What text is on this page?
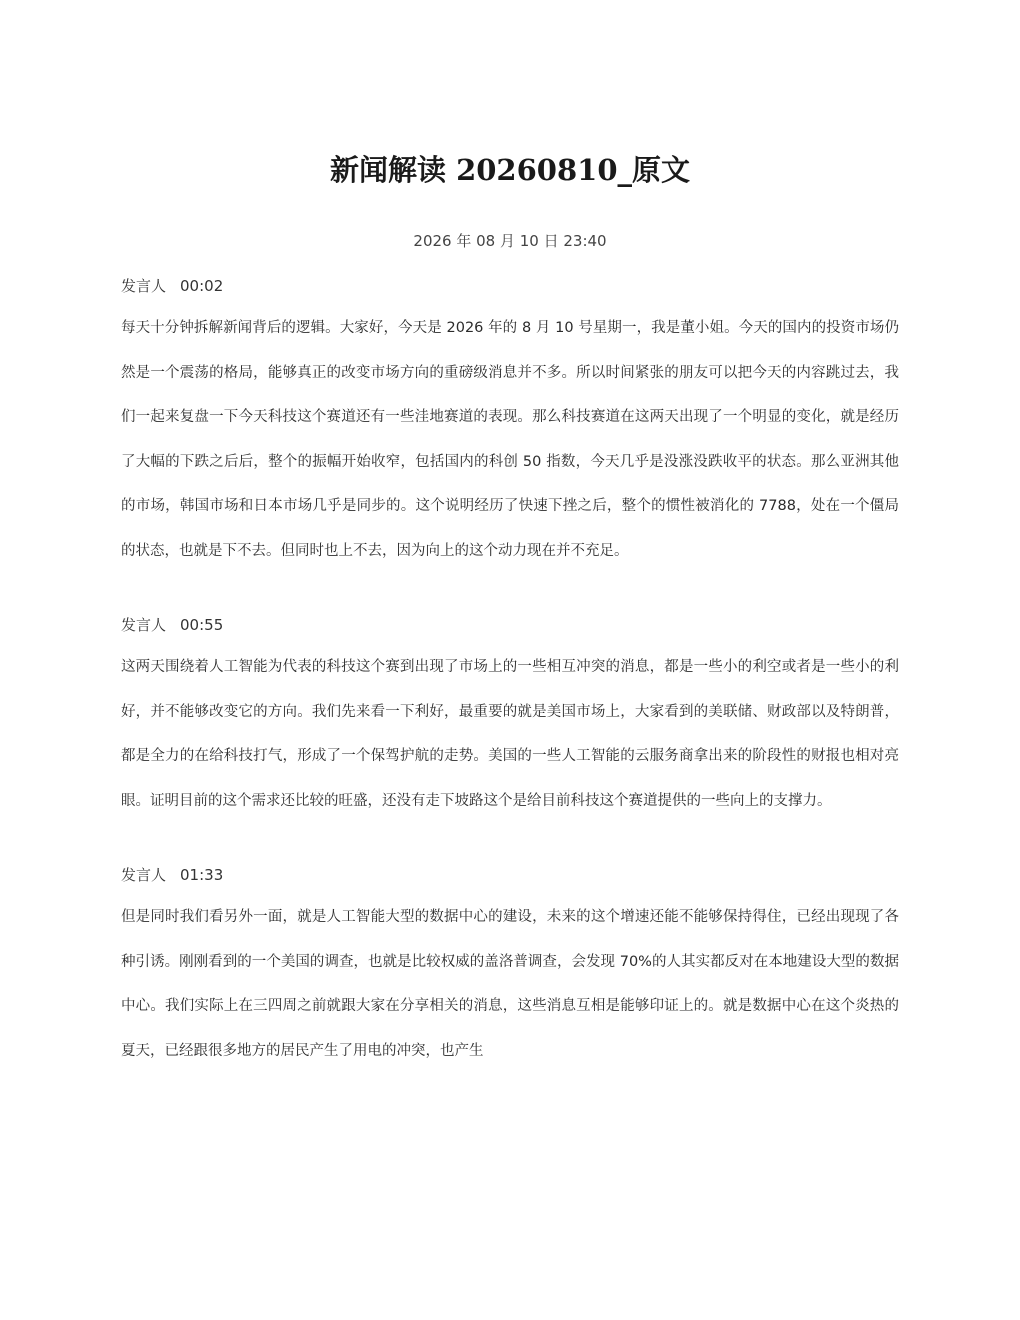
新闻解读 20260810_原文
2026 年 08 月 10 日 23:40
发言人 00:02

每天十分钟拆解新闻背后的逻辑。大家好，今天是 2026 年的 8 月 10 号星期一，我是董小姐。今天的国内的投资市场仍然是一个震荡的格局，能够真正的改变市场方向的重磅级消息并不多。所以时间紧张的朋友可以把今天的内容跳过去，我们一起来复盘一下今天科技这个赛道还有一些洼地赛道的表现。那么科技赛道在这两天出现了一个明显的变化，就是经历了大幅的下跌之后后，整个的振幅开始收窄，包括国内的科创 50 指数，今天几乎是没涨没跌收平的状态。那么亚洲其他的市场，韩国市场和日本市场几乎是同步的。这个说明经历了快速下挫之后，整个的惯性被消化的 7788，处在一个僵局的状态，也就是下不去。但同时也上不去，因为向上的这个动力现在并不充足。

发言人 00:55

这两天围绕着人工智能为代表的科技这个赛到出现了市场上的一些相互冲突的消息，都是一些小的利空或者是一些小的利好，并不能够改变它的方向。我们先来看一下利好，最重要的就是美国市场上，大家看到的美联储、财政部以及特朗普，都是全力的在给科技打气，形成了一个保驾护航的走势。美国的一些人工智能的云服务商拿出来的阶段性的财报也相对亮眼。证明目前的这个需求还比较的旺盛，还没有走下坡路这个是给目前科技这个赛道提供的一些向上的支撑力。

发言人 01:33

但是同时我们看另外一面，就是人工智能大型的数据中心的建设，未来的这个增速还能不能够保持得住，已经出现现了各种引诱。刚刚看到的一个美国的调查，也就是比较权威的盖洛普调查，会发现 70%的人其实都反对在本地建设大型的数据中心。我们实际上在三四周之前就跟大家在分享相关的消息，这些消息互相是能够印证上的。就是数据中心在这个炎热的夏天，已经跟很多地方的居民产生了用电的冲突，也产生
